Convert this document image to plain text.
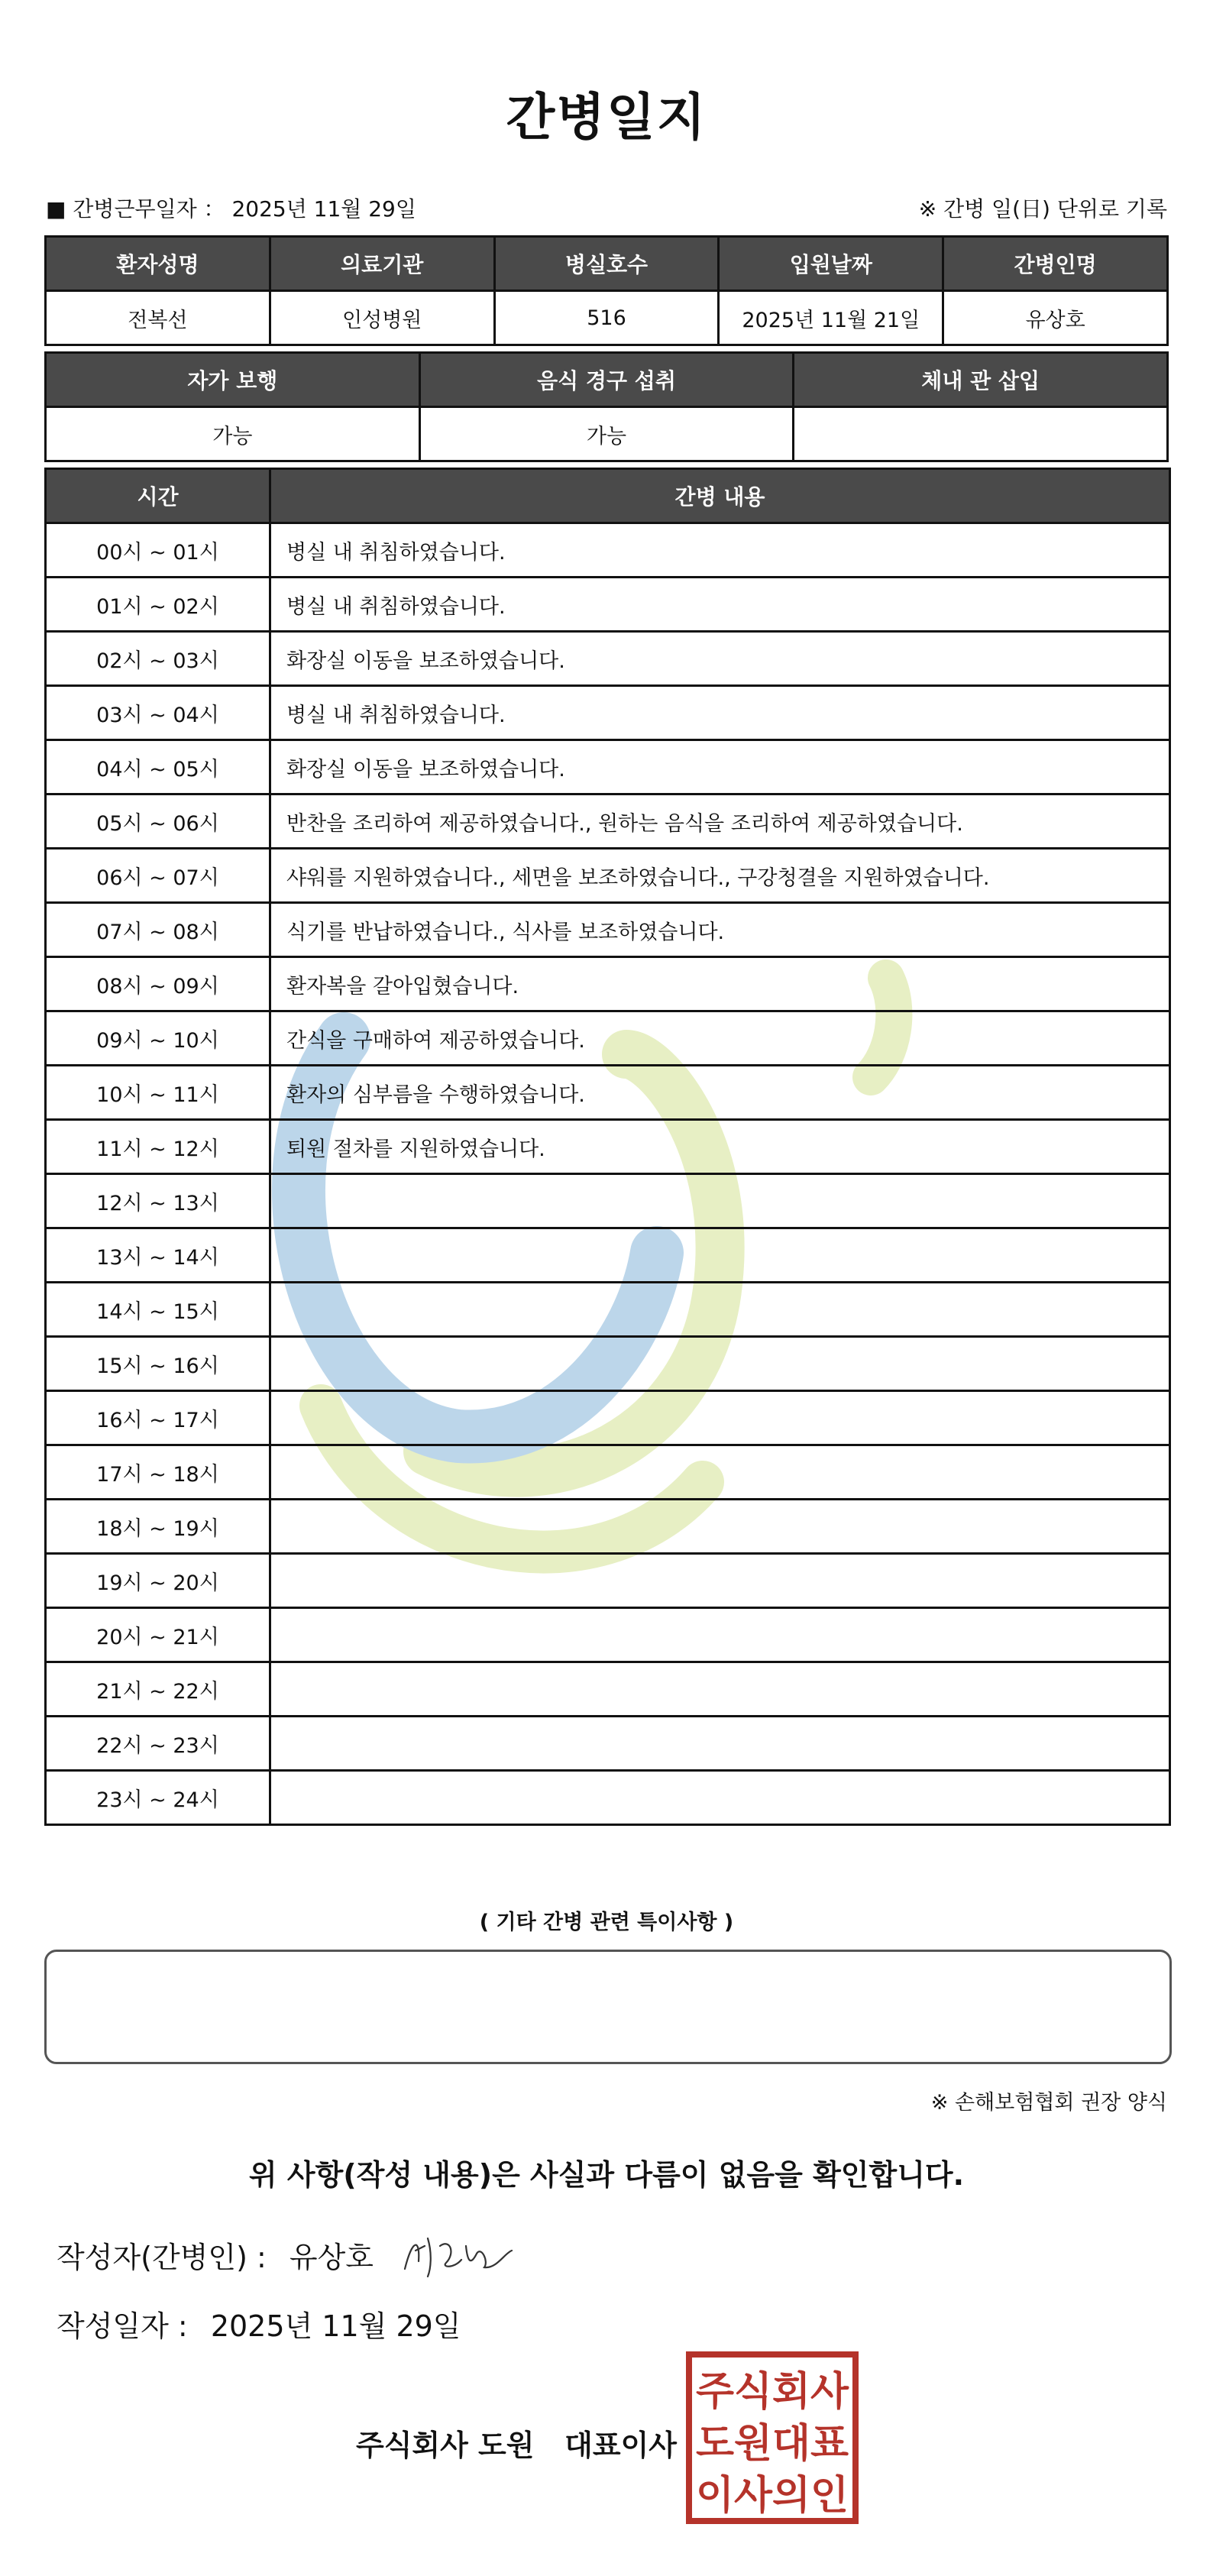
간병일지
■ 간병근무일자 ： 2025년 11월 29일	※ 간병 일(日) 단위로 기록
환자성명	의료기관	병실호수	입원날짜	간병인명
전복선	인성병원	516	2025년 11월 21일	유상호
자가 보행	음식 경구 섭취	체내 관 삽입
가능	가능	
시간	간병 내용
00시 ~ 01시	병실 내 취침하였습니다.
01시 ~ 02시	병실 내 취침하였습니다.
02시 ~ 03시	화장실 이동을 보조하였습니다.
03시 ~ 04시	병실 내 취침하였습니다.
04시 ~ 05시	화장실 이동을 보조하였습니다.
05시 ~ 06시	반찬을 조리하여 제공하였습니다., 원하는 음식을 조리하여 제공하였습니다.
06시 ~ 07시	샤워를 지원하였습니다., 세면을 보조하였습니다., 구강청결을 지원하였습니다.
07시 ~ 08시	식기를 반납하였습니다., 식사를 보조하였습니다.
08시 ~ 09시	환자복을 갈아입혔습니다.
09시 ~ 10시	간식을 구매하여 제공하였습니다.
10시 ~ 11시	환자의 심부름을 수행하였습니다.
11시 ~ 12시	퇴원 절차를 지원하였습니다.
12시 ~ 13시	
13시 ~ 14시	
14시 ~ 15시	
15시 ~ 16시	
16시 ~ 17시	
17시 ~ 18시	
18시 ~ 19시	
19시 ~ 20시	
20시 ~ 21시	
21시 ~ 22시	
22시 ~ 23시	
23시 ~ 24시	
( 기타 간병 관련 특이사항 )
※ 손해보험협회 권장 양식
위 사항(작성 내용)은 사실과 다름이 없음을 확인합니다.
작성자(간병인) : 유상호
작성일자 : 2025년 11월 29일
주식회사 도원   대표이사
주식회사
도원대표
이사의인
